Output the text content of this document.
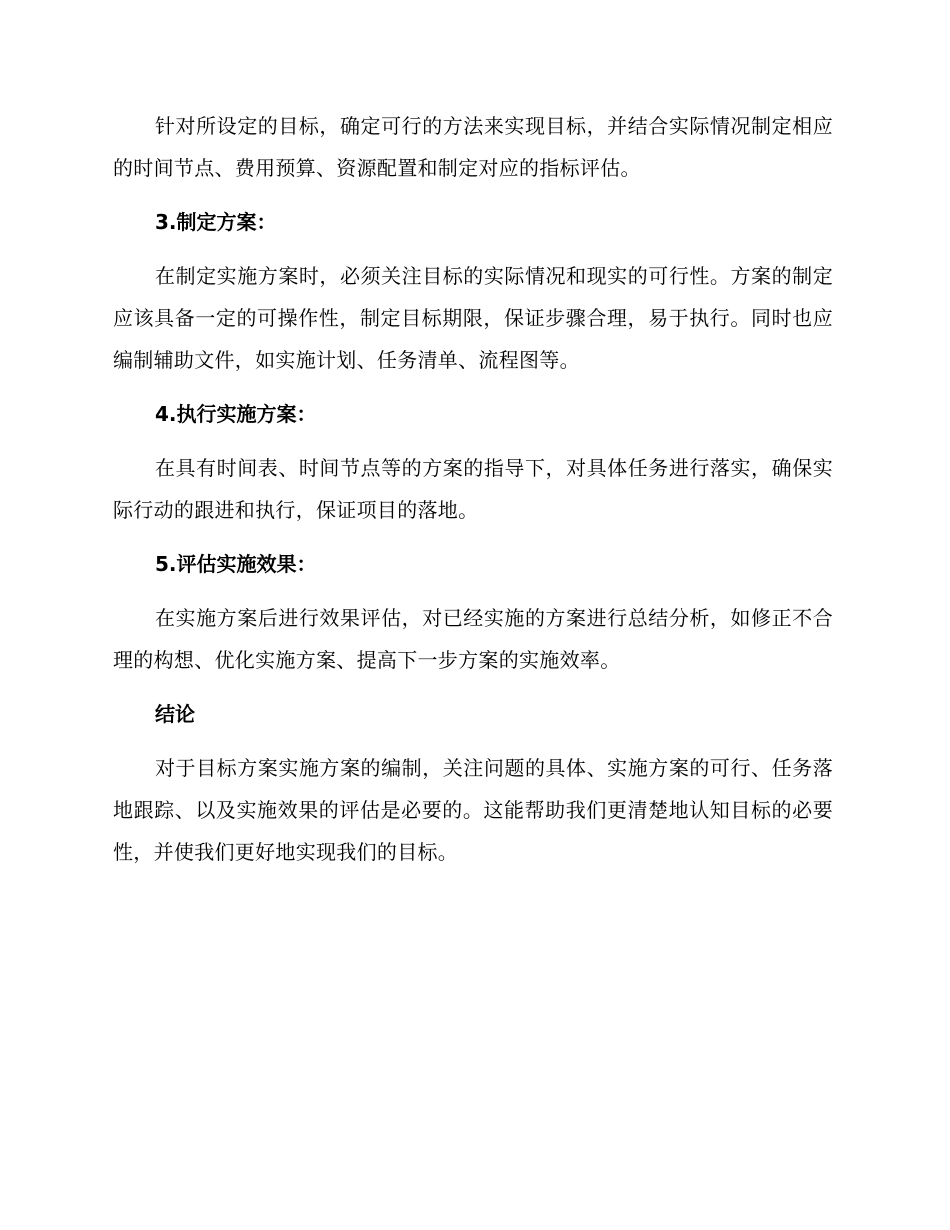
针对所设定的目标，确定可行的方法来实现目标，并结合实际情况制定相应的时间节点、费用预算、资源配置和制定对应的指标评估。

3.制定方案：

在制定实施方案时，必须关注目标的实际情况和现实的可行性。方案的制定应该具备一定的可操作性，制定目标期限，保证步骤合理，易于执行。同时也应编制辅助文件，如实施计划、任务清单、流程图等。

4.执行实施方案：

在具有时间表、时间节点等的方案的指导下，对具体任务进行落实，确保实际行动的跟进和执行，保证项目的落地。

5.评估实施效果：

在实施方案后进行效果评估，对已经实施的方案进行总结分析，如修正不合理的构想、优化实施方案、提高下一步方案的实施效率。

结论

对于目标方案实施方案的编制，关注问题的具体、实施方案的可行、任务落地跟踪、以及实施效果的评估是必要的。这能帮助我们更清楚地认知目标的必要性，并使我们更好地实现我们的目标。
